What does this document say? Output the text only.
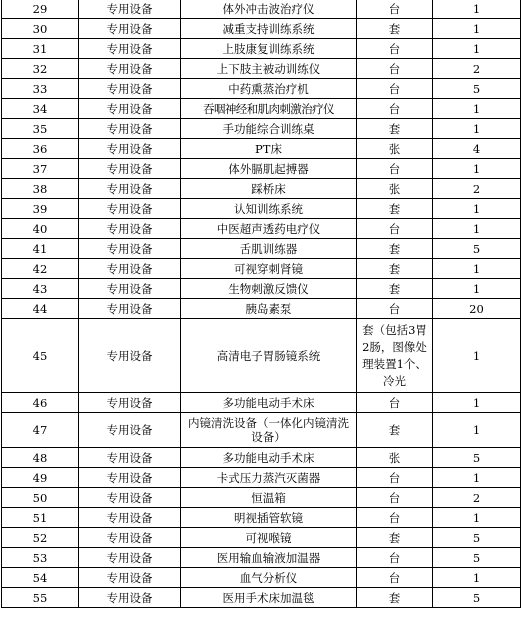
29	专用设备	体外冲击波治疗仪	台	1
30	专用设备	减重支持训练系统	套	1
31	专用设备	上肢康复训练系统	台	1
32	专用设备	上下肢主被动训练仪	台	2
33	专用设备	中药熏蒸治疗机	台	5
34	专用设备	吞咽神经和肌肉刺激治疗仪	台	1
35	专用设备	手功能综合训练桌	套	1
36	专用设备	PT床	张	4
37	专用设备	体外膈肌起搏器	台	1
38	专用设备	踩桥床	张	2
39	专用设备	认知训练系统	套	1
40	专用设备	中医超声透药电疗仪	台	1
41	专用设备	舌肌训练器	套	5
42	专用设备	可视穿刺肾镜	套	1
43	专用设备	生物刺激反馈仪	套	1
44	专用设备	胰岛素泵	台	20
45	专用设备	高清电子胃肠镜系统	套（包括3胃2肠，图像处理装置1个、冷光	1
46	专用设备	多功能电动手术床	台	1
47	专用设备	内镜清洗设备（一体化内镜清洗设备）	套	1
48	专用设备	多功能电动手术床	张	5
49	专用设备	卡式压力蒸汽灭菌器	台	1
50	专用设备	恒温箱	台	2
51	专用设备	明视插管软镜	台	1
52	专用设备	可视喉镜	套	5
53	专用设备	医用输血输液加温器	台	5
54	专用设备	血气分析仪	台	1
55	专用设备	医用手术床加温毯	套	5
